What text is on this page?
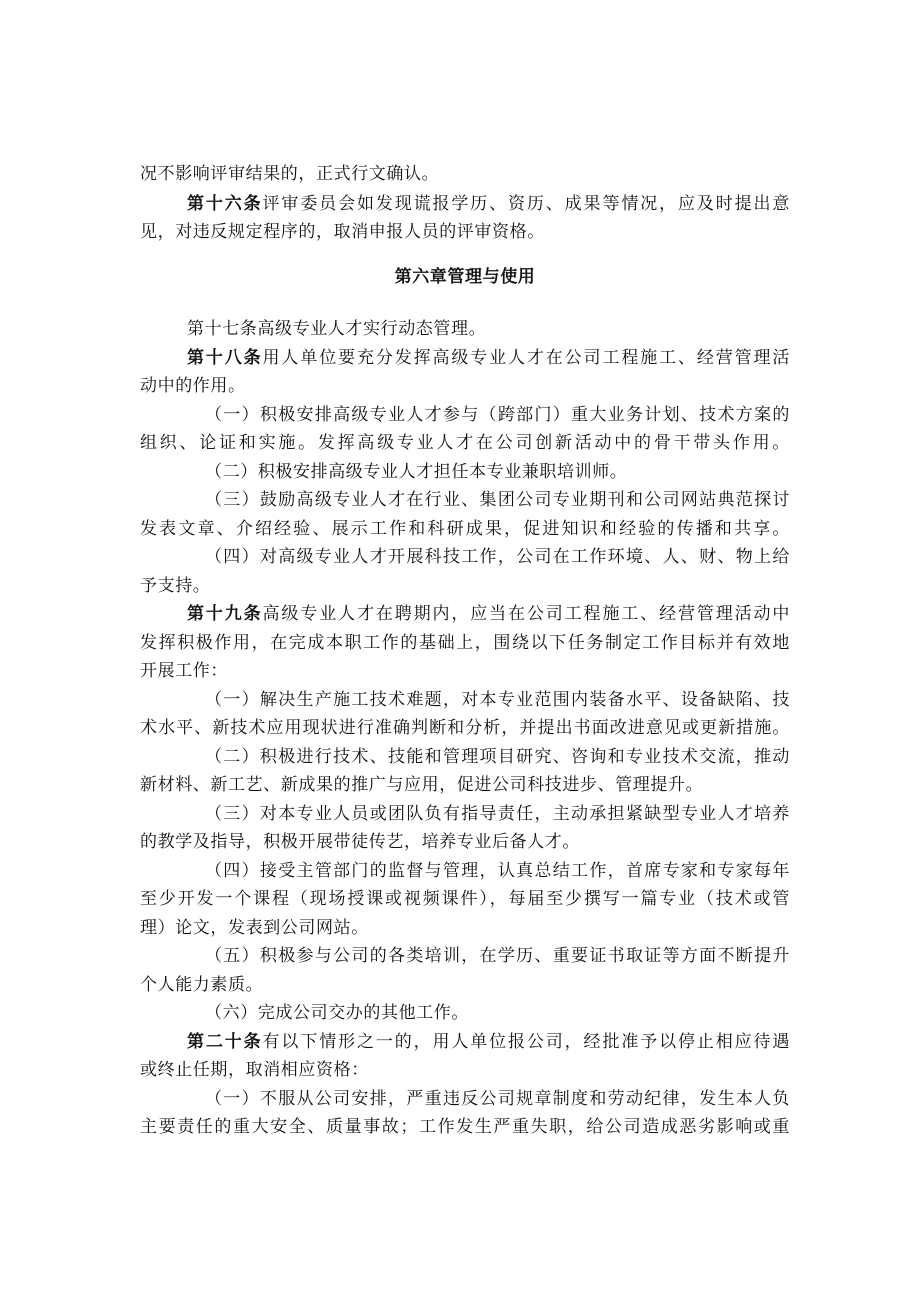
况不影响评审结果的，正式行文确认。
第十六条评审委员会如发现谎报学历、资历、成果等情况，应及时提出意
见，对违反规定程序的，取消申报人员的评审资格。
第六章管理与使用
第十七条高级专业人才实行动态管理。
第十八条用人单位要充分发挥高级专业人才在公司工程施工、经营管理活
动中的作用。
（一）积极安排高级专业人才参与（跨部门）重大业务计划、技术方案的
组织、论证和实施。发挥高级专业人才在公司创新活动中的骨干带头作用。
（二）积极安排高级专业人才担任本专业兼职培训师。
（三）鼓励高级专业人才在行业、集团公司专业期刊和公司网站典范探讨
发表文章、介绍经验、展示工作和科研成果，促进知识和经验的传播和共享。
（四）对高级专业人才开展科技工作，公司在工作环境、人、财、物上给
予支持。
第十九条高级专业人才在聘期内，应当在公司工程施工、经营管理活动中
发挥积极作用，在完成本职工作的基础上，围绕以下任务制定工作目标并有效地
开展工作：
（一）解决生产施工技术难题，对本专业范围内装备水平、设备缺陷、技
术水平、新技术应用现状进行准确判断和分析，并提出书面改进意见或更新措施。
（二）积极进行技术、技能和管理项目研究、咨询和专业技术交流，推动
新材料、新工艺、新成果的推广与应用，促进公司科技进步、管理提升。
（三）对本专业人员或团队负有指导责任，主动承担紧缺型专业人才培养
的教学及指导，积极开展带徒传艺，培养专业后备人才。
（四）接受主管部门的监督与管理，认真总结工作，首席专家和专家每年
至少开发一个课程（现场授课或视频课件），每届至少撰写一篇专业（技术或管
理）论文，发表到公司网站。
（五）积极参与公司的各类培训，在学历、重要证书取证等方面不断提升
个人能力素质。
（六）完成公司交办的其他工作。
第二十条有以下情形之一的，用人单位报公司，经批准予以停止相应待遇
或终止任期，取消相应资格：
（一）不服从公司安排，严重违反公司规章制度和劳动纪律，发生本人负
主要责任的重大安全、质量事故；工作发生严重失职，给公司造成恶劣影响或重
